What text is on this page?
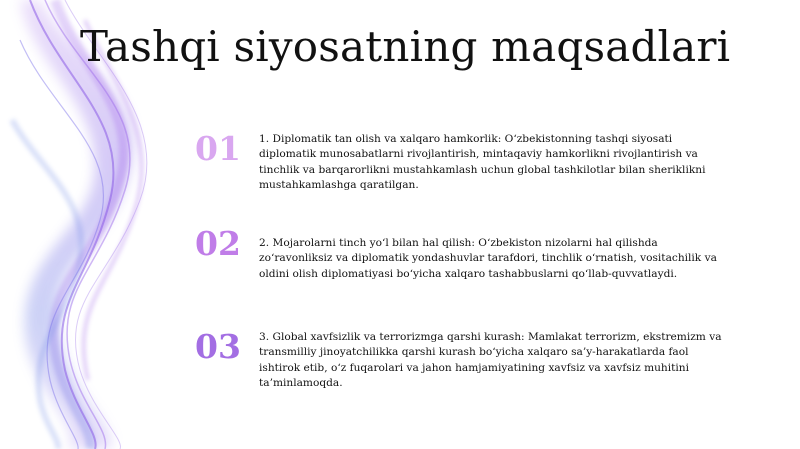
Tashqi siyosatning maqsadlari
01	1. Diplomatik tan olish va xalqaro hamkorlik: O‘zbekistonning tashqi siyosati diplomatik munosabatlarni rivojlantirish, mintaqaviy hamkorlikni rivojlantirish va tinchlik va barqarorlikni mustahkamlash uchun global tashkilotlar bilan sheriklikni mustahkamlashga qaratilgan.
02	2. Mojarolarni tinch yo‘l bilan hal qilish: O‘zbekiston nizolarni hal qilishda zo‘ravonliksiz va diplomatik yondashuvlar tarafdori, tinchlik o‘rnatish, vositachilik va oldini olish diplomatiyasi bo‘yicha xalqaro tashabbuslarni qo‘llab-quvvatlaydi.
03	3. Global xavfsizlik va terrorizmga qarshi kurash: Mamlakat terrorizm, ekstremizm va transmilliy jinoyatchilikka qarshi kurash bo‘yicha xalqaro sa’y-harakatlarda faol ishtirok etib, o‘z fuqarolari va jahon hamjamiyatining xavfsiz va xavfsiz muhitini ta’minlamoqda.
